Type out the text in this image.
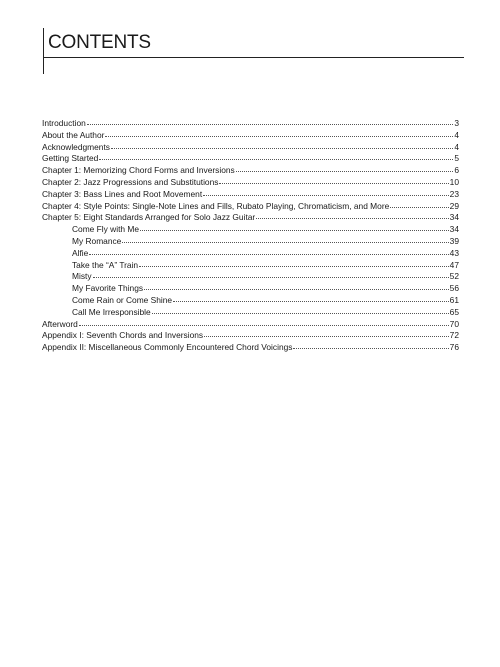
CONTENTS
Introduction	3
About the Author	4
Acknowledgments	4
Getting Started	5
Chapter 1: Memorizing Chord Forms and Inversions	6
Chapter 2: Jazz Progressions and Substitutions	10
Chapter 3: Bass Lines and Root Movement	23
Chapter 4: Style Points: Single-Note Lines and Fills, Rubato Playing, Chromaticism, and More	29
Chapter 5: Eight Standards Arranged for Solo Jazz Guitar	34
Come Fly with Me	34
My Romance	39
Alfie	43
Take the “A” Train	47
Misty	52
My Favorite Things	56
Come Rain or Come Shine	61
Call Me Irresponsible	65
Afterword	70
Appendix I: Seventh Chords and Inversions	72
Appendix II: Miscellaneous Commonly Encountered Chord Voicings	76
